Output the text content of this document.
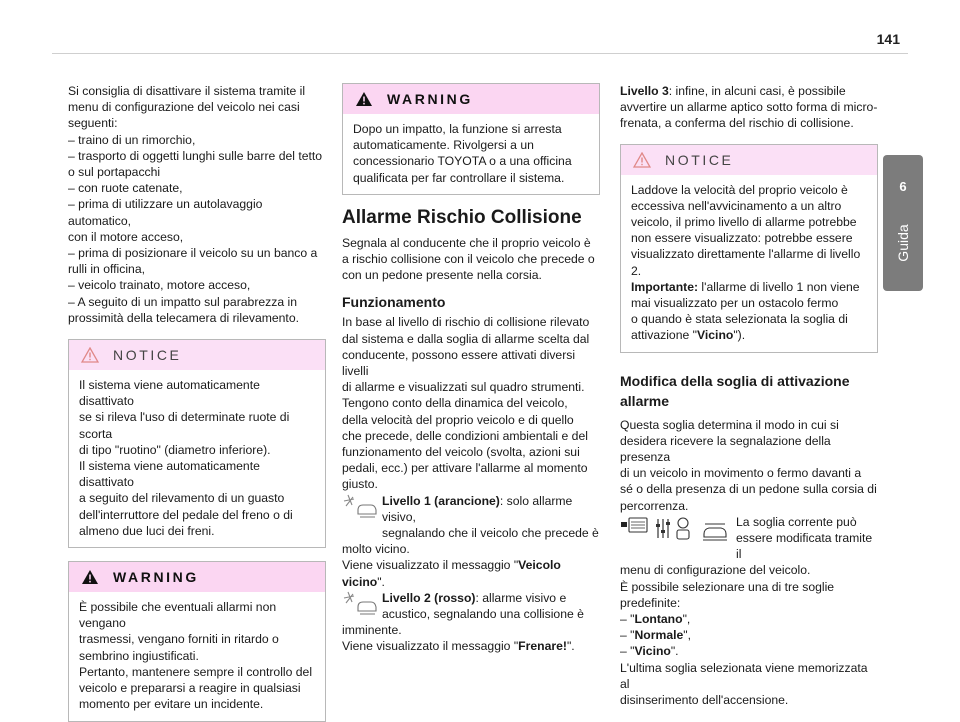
141
6
Guida
Si consiglia di disattivare il sistema tramite il
menu di configurazione del veicolo nei casi
seguenti:
– traino di un rimorchio,
– trasporto di oggetti lunghi sulle barre del tetto
o sul portapacchi
– con ruote catenate,
– prima di utilizzare un autolavaggio automatico,
con il motore acceso,
– prima di posizionare il veicolo su un banco a
rulli in officina,
– veicolo trainato, motore acceso,
– A seguito di un impatto sul parabrezza in
prossimità della telecamera di rilevamento.
NOTICE
Il sistema viene automaticamente disattivato
se si rileva l'uso di determinate ruote di scorta
di tipo "ruotino" (diametro inferiore).
Il sistema viene automaticamente disattivato
a seguito del rilevamento di un guasto
dell'interruttore del pedale del freno o di
almeno due luci dei freni.
WARNING
È possibile che eventuali allarmi non vengano
trasmessi, vengano forniti in ritardo o
sembrino ingiustificati.
Pertanto, mantenere sempre il controllo del
veicolo e prepararsi a reagire in qualsiasi
momento per evitare un incidente.
WARNING
Dopo un impatto, la funzione si arresta
automaticamente. Rivolgersi a un
concessionario TOYOTA o a una officina
qualificata per far controllare il sistema.
Allarme Rischio Collisione
Segnala al conducente che il proprio veicolo è
a rischio collisione con il veicolo che precede o
con un pedone presente nella corsia.
Funzionamento
In base al livello di rischio di collisione rilevato
dal sistema e dalla soglia di allarme scelta dal
conducente, possono essere attivati diversi livelli
di allarme e visualizzati sul quadro strumenti.
Tengono conto della dinamica del veicolo,
della velocità del proprio veicolo e di quello
che precede, delle condizioni ambientali e del
funzionamento del veicolo (svolta, azioni sui
pedali, ecc.) per attivare l'allarme al momento
giusto.
Livello 1 (arancione): solo allarme visivo,
segnalando che il veicolo che precede è
molto vicino.
Viene visualizzato il messaggio "Veicolo vicino".
Livello 2 (rosso): allarme visivo e
acustico, segnalando una collisione è
imminente.
Viene visualizzato il messaggio "Frenare!".
Livello 3: infine, in alcuni casi, è possibile
avvertire un allarme aptico sotto forma di micro-
frenata, a conferma del rischio di collisione.
NOTICE
Laddove la velocità del proprio veicolo è
eccessiva nell'avvicinamento a un altro
veicolo, il primo livello di allarme potrebbe
non essere visualizzato: potrebbe essere
visualizzato direttamente l'allarme di livello 2.
Importante: l'allarme di livello 1 non viene
mai visualizzato per un ostacolo fermo
o quando è stata selezionata la soglia di
attivazione "Vicino").
Modifica della soglia di attivazione allarme
Questa soglia determina il modo in cui si
desidera ricevere la segnalazione della presenza
di un veicolo in movimento o fermo davanti a
sé o della presenza di un pedone sulla corsia di
percorrenza.
La soglia corrente può
essere modificata tramite il
menu di configurazione del veicolo.
È possibile selezionare una di tre soglie
predefinite:
– "Lontano",
– "Normale",
– "Vicino".
L'ultima soglia selezionata viene memorizzata al
disinserimento dell'accensione.
